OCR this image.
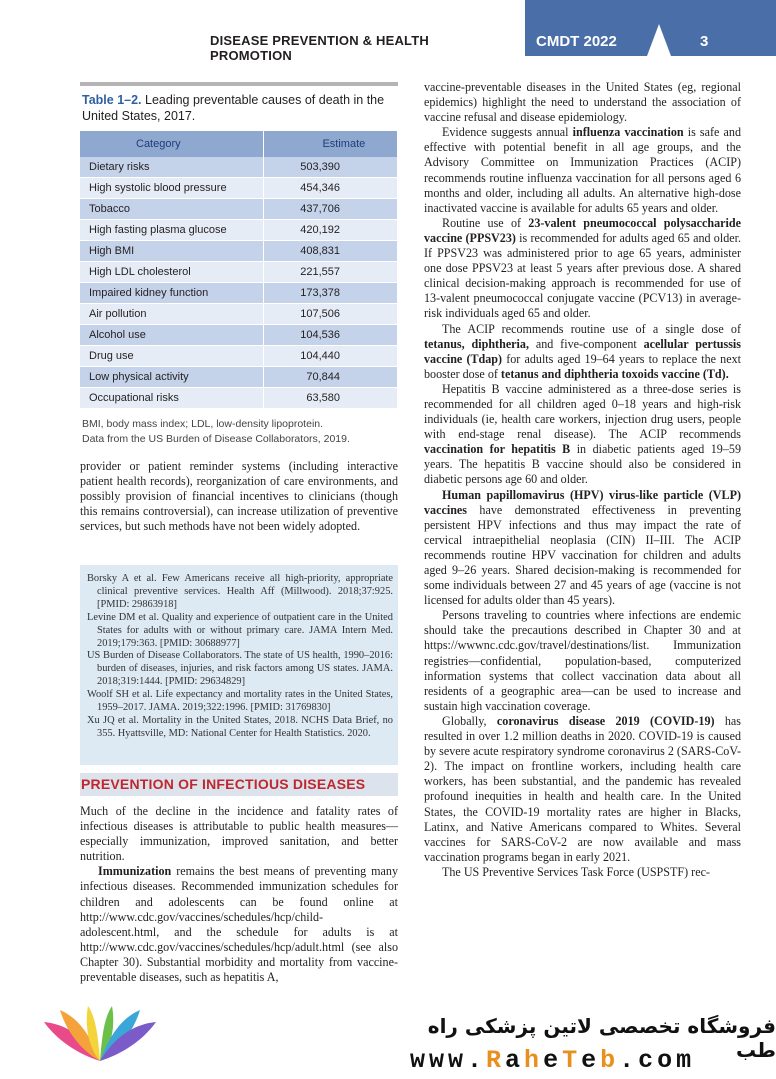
DISEASE PREVENTION & HEALTH PROMOTION
CMDT 2022	3
Table 1–2. Leading preventable causes of death in the United States, 2017.
Category	Estimate
Dietary risks	503,390
High systolic blood pressure	454,346
Tobacco	437,706
High fasting plasma glucose	420,192
High BMI	408,831
High LDL cholesterol	221,557
Impaired kidney function	173,378
Air pollution	107,506
Alcohol use	104,536
Drug use	104,440
Low physical activity	70,844
Occupational risks	63,580
BMI, body mass index; LDL, low-density lipoprotein.
Data from the US Burden of Disease Collaborators, 2019.

provider or patient reminder systems (including interactive patient health records), reorganization of care environments, and possibly provision of financial incentives to clinicians (though this remains controversial), can increase utilization of preventive services, but such methods have not been widely adopted.

Borsky A et al. Few Americans receive all high-priority, appropriate clinical preventive services. Health Aff (Millwood). 2018;37:925. [PMID: 29863918]
Levine DM et al. Quality and experience of outpatient care in the United States for adults with or without primary care. JAMA Intern Med. 2019;179:363. [PMID: 30688977]
US Burden of Disease Collaborators. The state of US health, 1990–2016: burden of diseases, injuries, and risk factors among US states. JAMA. 2018;319:1444. [PMID: 29634829]
Woolf SH et al. Life expectancy and mortality rates in the United States, 1959–2017. JAMA. 2019;322:1996. [PMID: 31769830]
Xu JQ et al. Mortality in the United States, 2018. NCHS Data Brief, no 355. Hyattsville, MD: National Center for Health Statistics. 2020.
PREVENTION OF INFECTIOUS DISEASES

Much of the decline in the incidence and fatality rates of infectious diseases is attributable to public health measures—especially immunization, improved sanitation, and better nutrition.

Immunization remains the best means of preventing many infectious diseases. Recommended immunization schedules for children and adolescents can be found online at http://www.cdc.gov/vaccines/schedules/hcp/child-adolescent.html, and the schedule for adults is at http://www.cdc.gov/vaccines/schedules/hcp/adult.html (see also Chapter 30). Substantial morbidity and mortality from vaccine-preventable diseases, such as hepatitis A,

vaccine-preventable diseases in the United States (eg, regional epidemics) highlight the need to understand the association of vaccine refusal and disease epidemiology.

Evidence suggests annual influenza vaccination is safe and effective with potential benefit in all age groups, and the Advisory Committee on Immunization Practices (ACIP) recommends routine influenza vaccination for all persons aged 6 months and older, including all adults. An alternative high-dose inactivated vaccine is available for adults 65 years and older.

Routine use of 23-valent pneumococcal polysaccharide vaccine (PPSV23) is recommended for adults aged 65 and older. If PPSV23 was administered prior to age 65 years, administer one dose PPSV23 at least 5 years after previous dose. A shared clinical decision-making approach is recommended for use of 13-valent pneumococcal conjugate vaccine (PCV13) in average-risk individuals aged 65 and older.

The ACIP recommends routine use of a single dose of tetanus, diphtheria, and five-component acellular pertussis vaccine (Tdap) for adults aged 19–64 years to replace the next booster dose of tetanus and diphtheria toxoids vaccine (Td).

Hepatitis B vaccine administered as a three-dose series is recommended for all children aged 0–18 years and high-risk individuals (ie, health care workers, injection drug users, people with end-stage renal disease). The ACIP recommends vaccination for hepatitis B in diabetic patients aged 19–59 years. The hepatitis B vaccine should also be considered in diabetic persons age 60 and older.

Human papillomavirus (HPV) virus-like particle (VLP) vaccines have demonstrated effectiveness in preventing persistent HPV infections and thus may impact the rate of cervical intraepithelial neoplasia (CIN) II–III. The ACIP recommends routine HPV vaccination for children and adults aged 9–26 years. Shared decision-making is recommended for some individuals between 27 and 45 years of age (vaccine is not licensed for adults older than 45 years).

Persons traveling to countries where infections are endemic should take the precautions described in Chapter 30 and at https://wwwnc.cdc.gov/travel/destinations/list. Immunization registries—confidential, population-based, computerized information systems that collect vaccination data about all residents of a geographic area—can be used to increase and sustain high vaccination coverage.

Globally, coronavirus disease 2019 (COVID-19) has resulted in over 1.2 million deaths in 2020. COVID-19 is caused by severe acute respiratory syndrome coronavirus 2 (SARS-CoV-2). The impact on frontline workers, including health care workers, has been substantial, and the pandemic has revealed profound inequities in health and health care. In the United States, the COVID-19 mortality rates are higher in Blacks, Latinx, and Native Americans compared to Whites. Several vaccines for SARS-CoV-2 are now available and mass vaccination programs began in early 2021.

The US Preventive Services Task Force (USPSTF) rec-

فروشگاه تخصصی لاتین پزشکی راه طب
www.RaheTeb.com
